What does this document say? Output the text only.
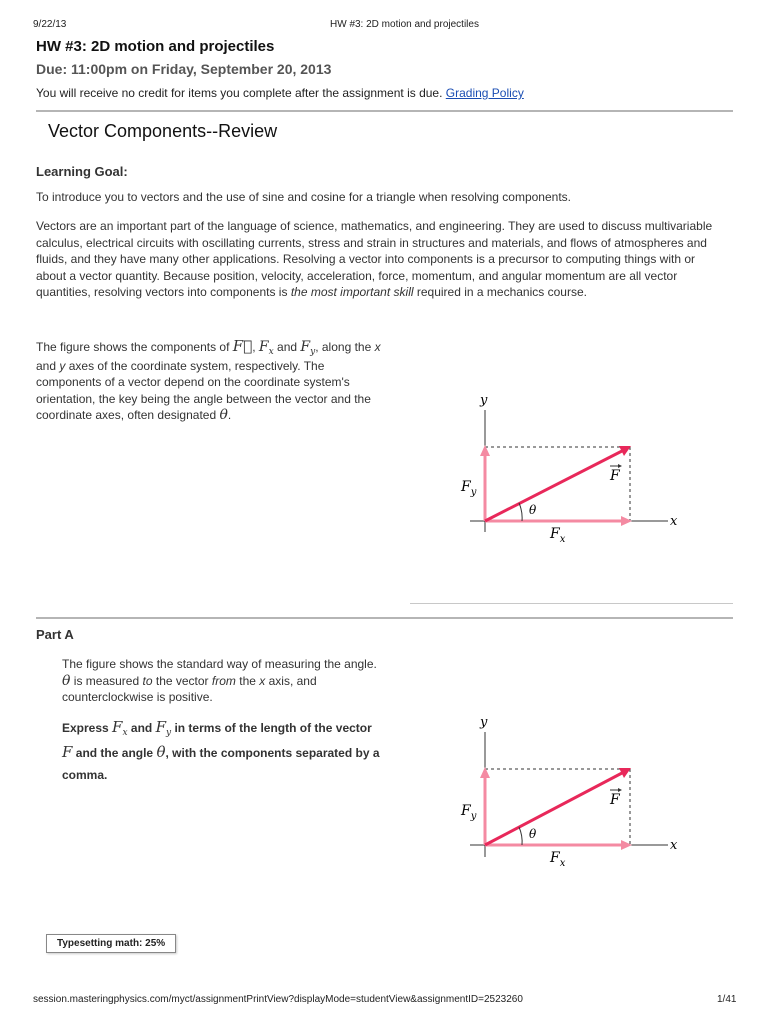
9/22/13	HW #3: 2D motion and projectiles
HW #3: 2D motion and projectiles
Due: 11:00pm on Friday, September 20, 2013
You will receive no credit for items you complete after the assignment is due. Grading Policy
Vector Components--Review
Learning Goal:
To introduce you to vectors and the use of sine and cosine for a triangle when resolving components.
Vectors are an important part of the language of science, mathematics, and engineering. They are used to discuss multivariable calculus, electrical circuits with oscillating currents, stress and strain in structures and materials, and flows of atmospheres and fluids, and they have many other applications. Resolving a vector into components is a precursor to computing things with or about a vector quantity. Because position, velocity, acceleration, force, momentum, and angular momentum are all vector quantities, resolving vectors into components is the most important skill required in a mechanics course.
The figure shows the components of F⃗, $F_x$ and $F_y$, along the x and y axes of the coordinate system, respectively. The components of a vector depend on the coordinate system's orientation, the key being the angle between the vector and the coordinate axes, often designated θ.
y
x
θ
F
$F_y$
$F_x$
Part A
The figure shows the standard way of measuring the angle. θ is measured to the vector from the x axis, and counterclockwise is positive.
Express $F_x$ and $F_y$ in terms of the length of the vector F and the angle θ, with the components separated by a comma.
y
x
θ
F
$F_y$
$F_x$
Typesetting math: 25%
session.masteringphysics.com/myct/assignmentPrintView?displayMode=studentView&assignmentID=2523260	1/41
